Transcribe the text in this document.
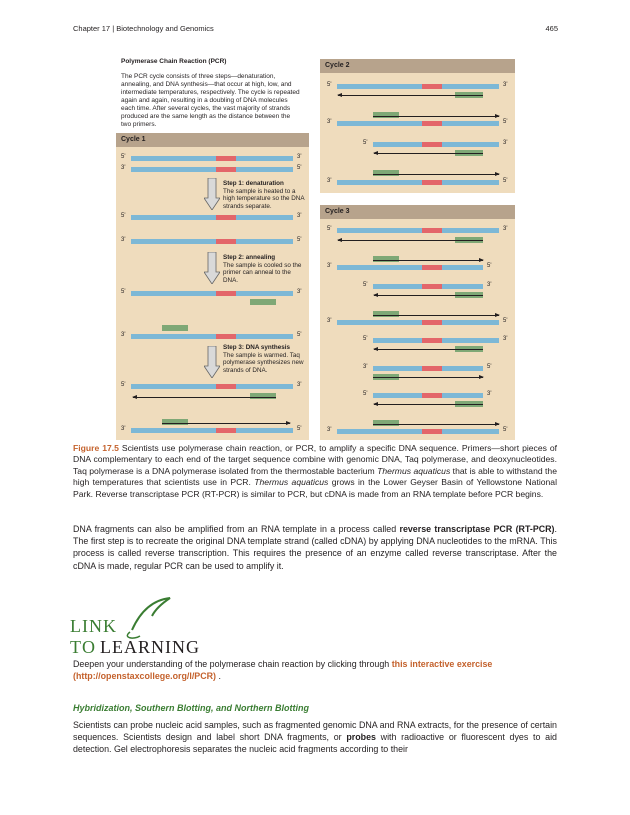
Chapter 17 | Biotechnology and Genomics	465
Polymerase Chain Reaction (PCR)
The PCR cycle consists of three steps—denaturation, annealing, and DNA synthesis—that occur at high, low, and intermediate temperatures, respectively. The cycle is repeated again and again, resulting in a doubling of DNA molecules each time. After several cycles, the vast majority of strands produced are the same length as the distance between the two primers.
Cycle 1
Cycle 2
Cycle 3
Step 1: denaturation
The sample is heated to a high temperature so the DNA strands separate.
Step 2: annealing
The sample is cooled so the primer can anneal to the DNA.
Step 3: DNA synthesis
The sample is warmed. Taq polymerase synthesizes new strands of DNA.
Figure 17.5 Scientists use polymerase chain reaction, or PCR, to amplify a specific DNA sequence. Primers—short pieces of DNA complementary to each end of the target sequence combine with genomic DNA, Taq polymerase, and deoxynucleotides. Taq polymerase is a DNA polymerase isolated from the thermostable bacterium Thermus aquaticus that is able to withstand the high temperatures that scientists use in PCR. Thermus aquaticus grows in the Lower Geyser Basin of Yellowstone National Park. Reverse transcriptase PCR (RT-PCR) is similar to PCR, but cDNA is made from an RNA template before PCR begins.
DNA fragments can also be amplified from an RNA template in a process called reverse transcriptase PCR (RT-PCR). The first step is to recreate the original DNA template strand (called cDNA) by applying DNA nucleotides to the mRNA. This process is called reverse transcription. This requires the presence of an enzyme called reverse transcriptase. After the cDNA is made, regular PCR can be used to amplify it.
LINK TO LEARNING
Deepen your understanding of the polymerase chain reaction by clicking through this interactive exercise (http://openstaxcollege.org/l/PCR) .
Hybridization, Southern Blotting, and Northern Blotting
Scientists can probe nucleic acid samples, such as fragmented genomic DNA and RNA extracts, for the presence of certain sequences. Scientists design and label short DNA fragments, or probes with radioactive or fluorescent dyes to aid detection. Gel electrophoresis separates the nucleic acid fragments according to their
5'	3'
3'	5'
5'	3'
3'	5'
5'	3'
3'	5'
5'	3'
3'	5'
5'	3'
3'	5'
5'	3'
3'	5'
5'	3'
3'	5'
5'	3'
3'	5'
5'	3'
3'	5'
5'	3'
3'	5'
